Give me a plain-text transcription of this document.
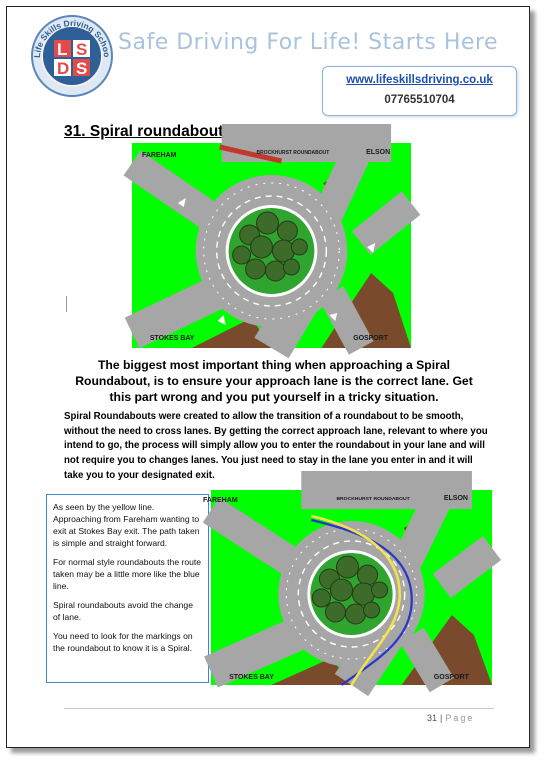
Life Skills Driving Schoo
L S
D S
Safe Driving For Life! Starts Here
www.lifeskillsdriving.co.uk
07765510704
31. Spiral roundabouts
FAREHAM	BROCKHURST ROUNDABOUT	ELSON
STOKES BAY	GOSPORT
The biggest most important thing when approaching a Spiral Roundabout, is to ensure your approach lane is the correct lane. Get this part wrong and you put yourself in a tricky situation.
Spiral Roundabouts were created to allow the transition of a roundabout to be smooth, without the need to cross lanes. By getting the correct approach lane, relevant to where you intend to go, the process will simply allow you to enter the roundabout in your lane and will not require you to changes lanes. You just need to stay in the lane you enter in and it will take you to your designated exit.

As seen by the yellow line. Approaching from Fareham wanting to exit at Stokes Bay exit. The path taken is simple and straight forward.

For normal style roundabouts the route taken may be a little more like the blue line.

Spiral roundabouts avoid the change of lane.

You need to look for the markings on the roundabout to know it is a Spiral.

FAREHAM	BROCKHURST ROUNDABOUT	ELSON
STOKES BAY	GOSPORT
31 | Page
